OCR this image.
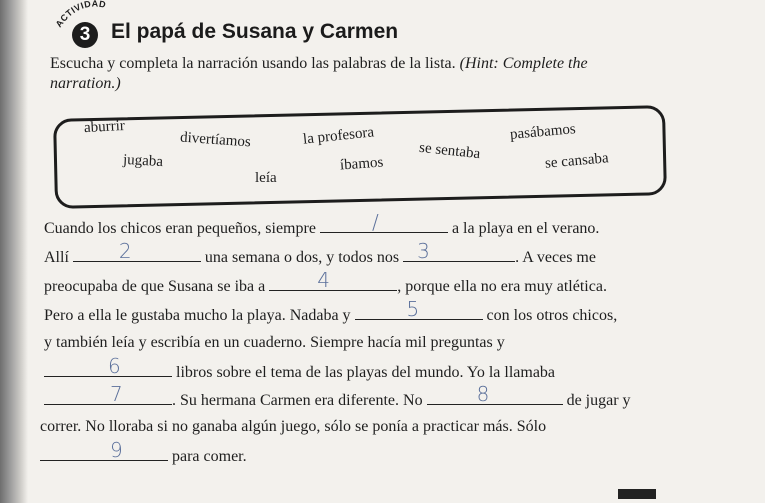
ACTIVIDAD
3 El papá de Susana y Carmen
Escucha y completa la narración usando las palabras de la lista. (Hint: Complete the narration.)
aburrir
divertíamos	la profesora
se sentaba
pasábamos
jugaba
leía
íbamos	se cansaba
Cuando los chicos eran pequeños, siempre	/	a la playa en el verano.
Allí	2	una semana o dos, y todos nos 3	. A veces me
preocupaba de que Susana se iba a	4	, porque ella no era muy atlética.
Pero a ella le gustaba mucho la playa. Nadaba y	5	con los otros chicos,
y también leía y escribía en un cuaderno. Siempre hacía mil preguntas y
6	libros sobre el tema de las playas del mundo. Yo la llamaba
7	. Su hermana Carmen era diferente. No	8	de jugar y
correr. No lloraba si no ganaba algún juego, sólo se ponía a practicar más. Sólo
9	para comer.
